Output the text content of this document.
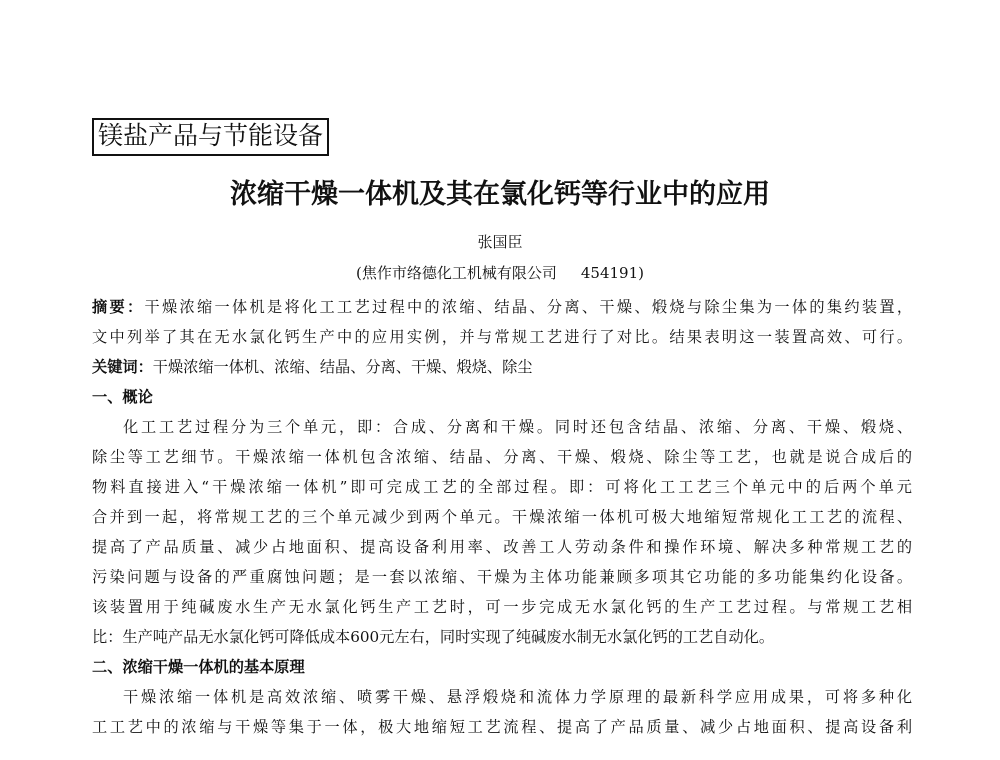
镁盐产品与节能设备
浓缩干燥一体机及其在氯化钙等行业中的应用
张国臣
(焦作市络德化工机械有限公司 454191)
摘要：干燥浓缩一体机是将化工工艺过程中的浓缩、结晶、分离、干燥、煅烧与除尘集为一体的集约装置，
文中列举了其在无水氯化钙生产中的应用实例，并与常规工艺进行了对比。结果表明这一装置高效、可行。
关键词：干燥浓缩一体机、浓缩、结晶、分离、干燥、煅烧、除尘
一、概论
化工工艺过程分为三个单元，即：合成、分离和干燥。同时还包含结晶、浓缩、分离、干燥、煅烧、
除尘等工艺细节。干燥浓缩一体机包含浓缩、结晶、分离、干燥、煅烧、除尘等工艺，也就是说合成后的
物料直接进入“干燥浓缩一体机”即可完成工艺的全部过程。即：可将化工工艺三个单元中的后两个单元
合并到一起，将常规工艺的三个单元减少到两个单元。干燥浓缩一体机可极大地缩短常规化工工艺的流程、
提高了产品质量、减少占地面积、提高设备利用率、改善工人劳动条件和操作环境、解决多种常规工艺的
污染问题与设备的严重腐蚀问题；是一套以浓缩、干燥为主体功能兼顾多项其它功能的多功能集约化设备。
该装置用于纯碱废水生产无水氯化钙生产工艺时，可一步完成无水氯化钙的生产工艺过程。与常规工艺相
比：生产吨产品无水氯化钙可降低成本600元左右，同时实现了纯碱废水制无水氯化钙的工艺自动化。
二、浓缩干燥一体机的基本原理
干燥浓缩一体机是高效浓缩、喷雾干燥、悬浮煅烧和流体力学原理的最新科学应用成果，可将多种化
工工艺中的浓缩与干燥等集于一体，极大地缩短工艺流程、提高了产品质量、减少占地面积、提高设备利
